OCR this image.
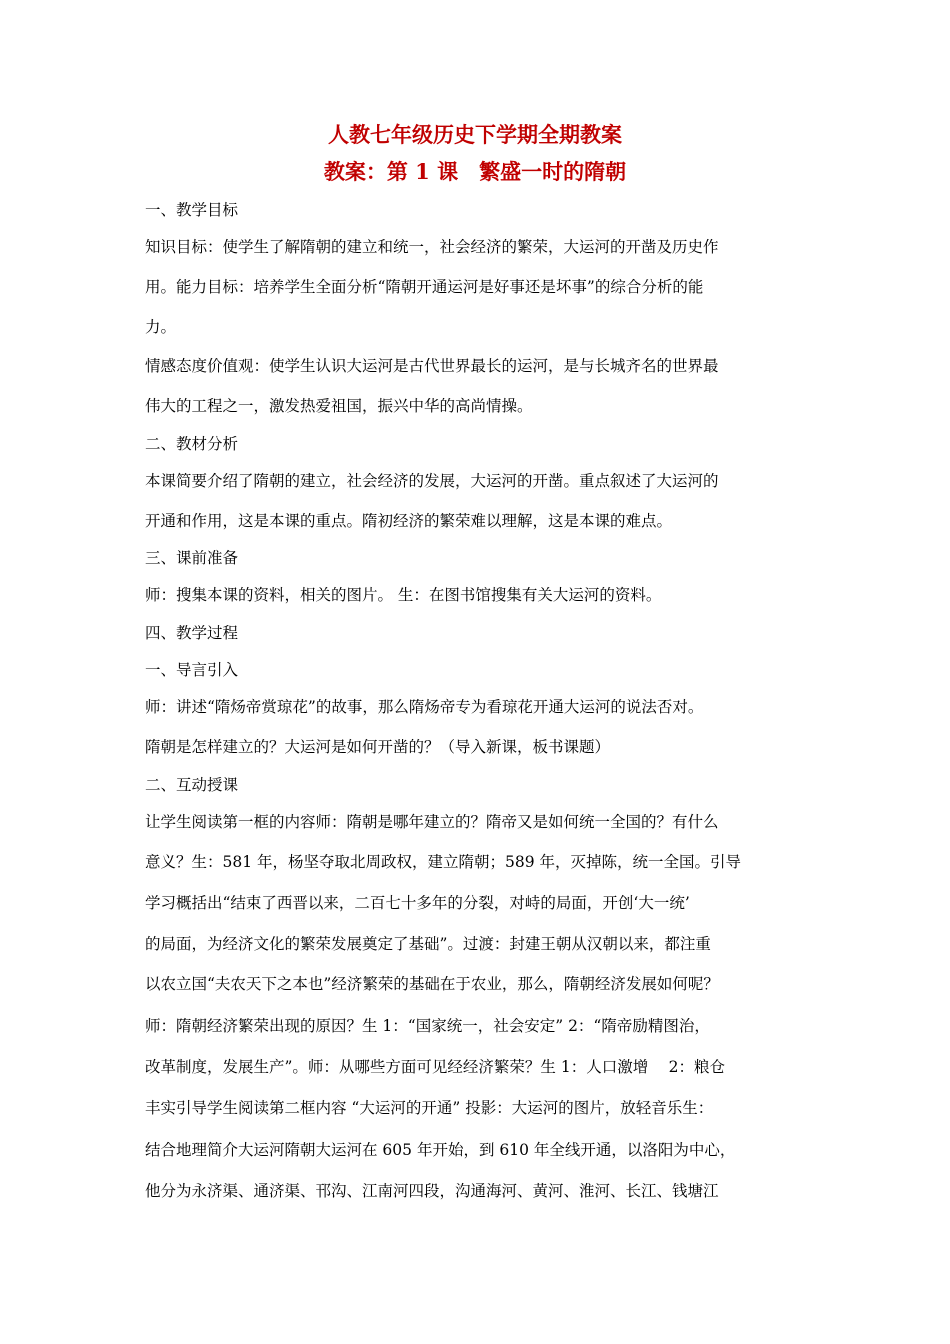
人教七年级历史下学期全期教案
教案：第 1 课　繁盛一时的隋朝
一、教学目标
知识目标：使学生了解隋朝的建立和统一，社会经济的繁荣，大运河的开凿及历史作
用。能力目标：培养学生全面分析“隋朝开通运河是好事还是坏事”的综合分析的能
力。
情感态度价值观：使学生认识大运河是古代世界最长的运河，是与长城齐名的世界最
伟大的工程之一，激发热爱祖国，振兴中华的高尚情操。
二、教材分析
本课简要介绍了隋朝的建立，社会经济的发展，大运河的开凿。重点叙述了大运河的
开通和作用，这是本课的重点。隋初经济的繁荣难以理解，这是本课的难点。
三、课前准备
师：搜集本课的资料，相关的图片。 生：在图书馆搜集有关大运河的资料。
四、教学过程
一、导言引入
师：讲述“隋炀帝赏琼花”的故事，那么隋炀帝专为看琼花开通大运河的说法否对。
隋朝是怎样建立的？大运河是如何开凿的？（导入新课，板书课题）
二、互动授课
让学生阅读第一框的内容师：隋朝是哪年建立的？隋帝又是如何统一全国的？有什么
意义？生：581 年，杨坚夺取北周政权，建立隋朝；589 年，灭掉陈，统一全国。引导
学习概括出“结束了西晋以来，二百七十多年的分裂，对峙的局面，开创‘大一统’
的局面，为经济文化的繁荣发展奠定了基础”。过渡：封建王朝从汉朝以来，都注重
以农立国“夫农天下之本也”经济繁荣的基础在于农业，那么，隋朝经济发展如何呢？
师：隋朝经济繁荣出现的原因？生 1：“国家统一，社会安定” 2：“隋帝励精图治，
改革制度，发展生产”。师：从哪些方面可见经经济繁荣？生 1：人口激增　 2：粮仓
丰实引导学生阅读第二框内容 “大运河的开通” 投影：大运河的图片，放轻音乐生：
结合地理简介大运河隋朝大运河在 605 年开始，到 610 年全线开通，以洛阳为中心，
他分为永济渠、通济渠、邗沟、江南河四段，沟通海河、黄河、淮河、长江、钱塘江
